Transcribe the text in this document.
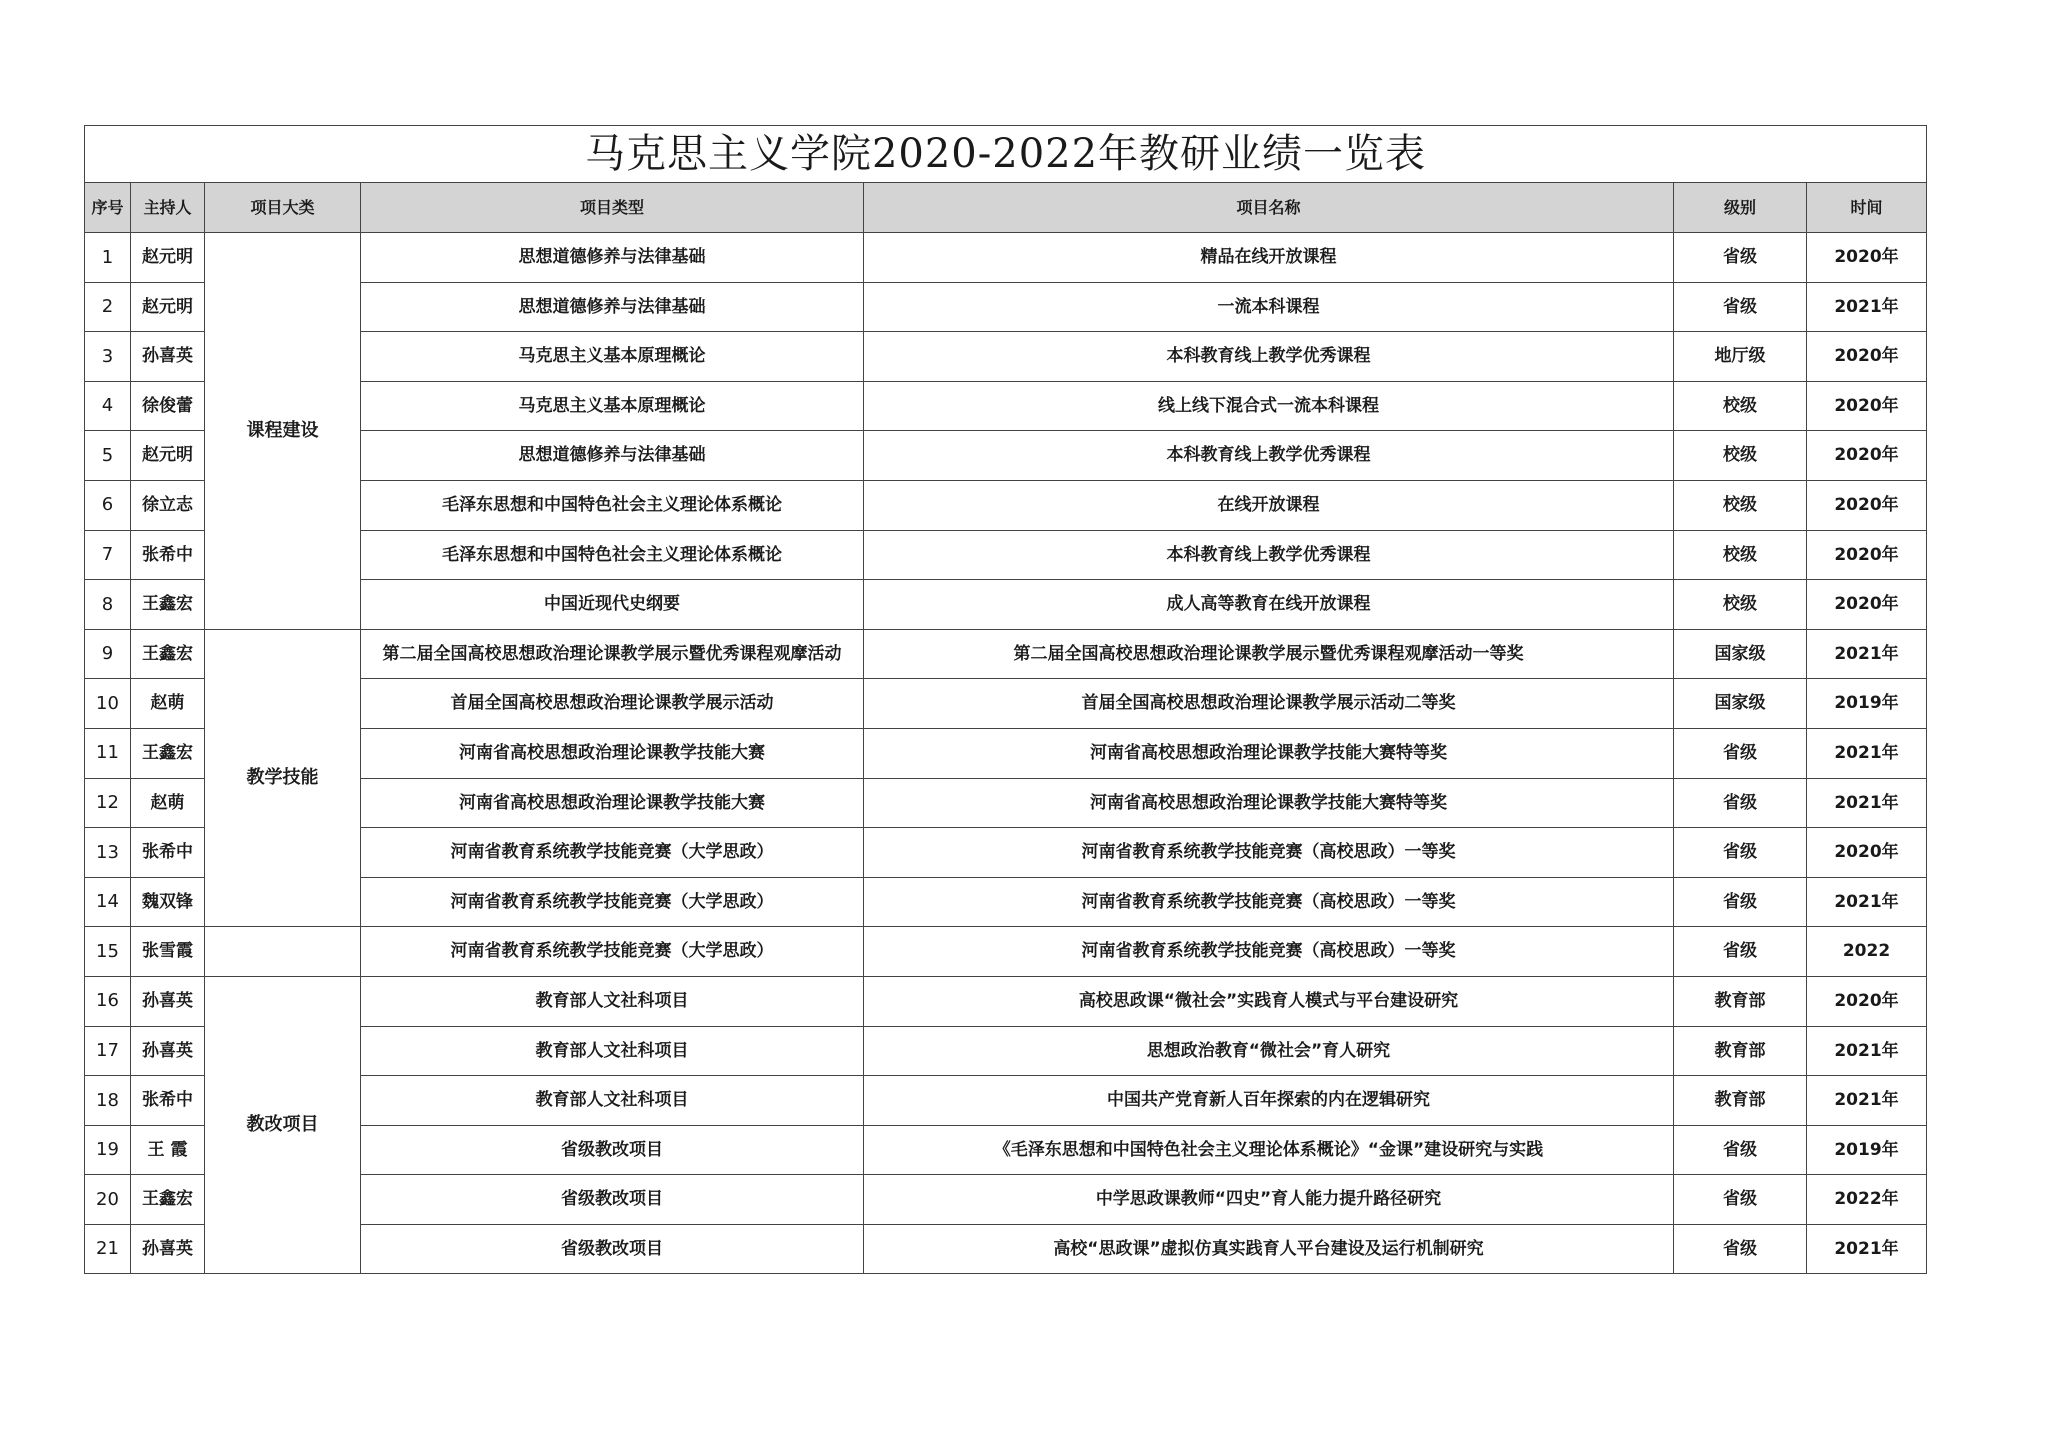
马克思主义学院2020-2022年教研业绩一览表						
序号	主持人	项目大类	项目类型	项目名称	级别	时间
1	赵元明	课程建设	思想道德修养与法律基础	精品在线开放课程	省级	2020年
2	赵元明		思想道德修养与法律基础	一流本科课程	省级	2021年
3	孙喜英		马克思主义基本原理概论	本科教育线上教学优秀课程	地厅级	2020年
4	徐俊蕾		马克思主义基本原理概论	线上线下混合式一流本科课程	校级	2020年
5	赵元明		思想道德修养与法律基础	本科教育线上教学优秀课程	校级	2020年
6	徐立志		毛泽东思想和中国特色社会主义理论体系概论	在线开放课程	校级	2020年
7	张希中		毛泽东思想和中国特色社会主义理论体系概论	本科教育线上教学优秀课程	校级	2020年
8	王鑫宏		中国近现代史纲要	成人高等教育在线开放课程	校级	2020年
9	王鑫宏	教学技能	第二届全国高校思想政治理论课教学展示暨优秀课程观摩活动	第二届全国高校思想政治理论课教学展示暨优秀课程观摩活动一等奖	国家级	2021年
10	赵萌		首届全国高校思想政治理论课教学展示活动	首届全国高校思想政治理论课教学展示活动二等奖	国家级	2019年
11	王鑫宏		河南省高校思想政治理论课教学技能大赛	河南省高校思想政治理论课教学技能大赛特等奖	省级	2021年
12	赵萌		河南省高校思想政治理论课教学技能大赛	河南省高校思想政治理论课教学技能大赛特等奖	省级	2021年
13	张希中		河南省教育系统教学技能竞赛（大学思政）	河南省教育系统教学技能竞赛（高校思政）一等奖	省级	2020年
14	魏双锋		河南省教育系统教学技能竞赛（大学思政）	河南省教育系统教学技能竞赛（高校思政）一等奖	省级	2021年
15	张雪霞		河南省教育系统教学技能竞赛（大学思政）	河南省教育系统教学技能竞赛（高校思政）一等奖	省级	2022
16	孙喜英	教改项目	教育部人文社科项目	高校思政课“微社会”实践育人模式与平台建设研究	教育部	2020年
17	孙喜英		教育部人文社科项目	思想政治教育“微社会”育人研究	教育部	2021年
18	张希中		教育部人文社科项目	中国共产党育新人百年探索的内在逻辑研究	教育部	2021年
19	王 霞		省级教改项目	《毛泽东思想和中国特色社会主义理论体系概论》“金课”建设研究与实践	省级	2019年
20	王鑫宏		省级教改项目	中学思政课教师“四史”育人能力提升路径研究	省级	2022年
21	孙喜英		省级教改项目	高校“思政课”虚拟仿真实践育人平台建设及运行机制研究	省级	2021年
